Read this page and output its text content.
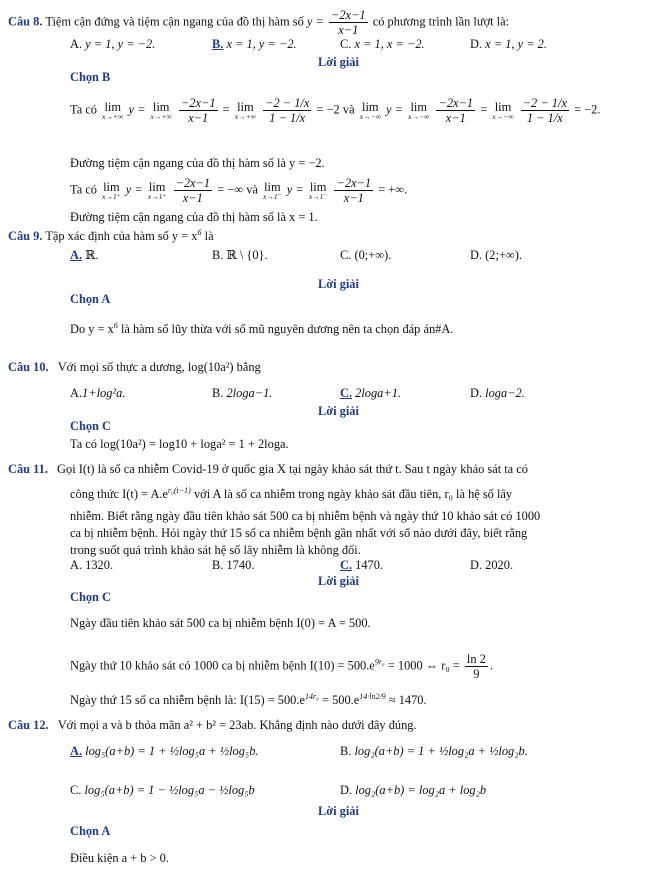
Câu 8. Tiệm cận đứng và tiệm cận ngang của đồ thị hàm số $y = \frac{-2x-1}{x-1}$ có phương trình lần lượt là:
A. y = 1, y = −2.	B. x = 1, y = −2.	C. x = 1, x = −2.	D. x = 1, y = 2.
Lời giải
Chọn B
Ta có lim
x→+∞
y = lim
x→+∞
$\frac{-2x-1}{x-1} = \lim$
x→+∞
$\frac{-2 - 1/x}{1 - 1/x} = -2$ và lim
x→−∞
y = lim
x→−∞
$\frac{-2x-1}{x-1} = \lim$
x→−∞
$\frac{-2 - 1/x}{1 - 1/x} = -2$.
Đường tiệm cận ngang của đồ thị hàm số là y = −2.
Ta có lim
x→1⁺
y = lim
x→1⁺
$\frac{-2x-1}{x-1}$ = −∞ và lim
x→1⁻
y = lim
x→1⁻
$\frac{-2x-1}{x-1}$ = +∞.
Đường tiệm cận ngang của đồ thị hàm số là x = 1.
Câu 9. Tập xác định của hàm số $y = x^6$ là
A. ℝ.	B. ℝ \ {0}.	C. (0;+∞).	D. (2;+∞).
Lời giải
Chọn A
Do $y = x^6$ là hàm số lũy thừa với số mũ nguyên dương nên ta chọn đáp án#A.
Câu 10. Với mọi số thực a dương, log(10a²) bằng
A.1+log²a.	B. 2loga−1.	C. 2loga+1.	D. loga−2.
Lời giải
Chọn C
Ta có log(10a²) = log10 + loga² = 1 + 2loga.
Câu 11. Gọi I(t) là số ca nhiễm Covid-19 ở quốc gia X tại ngày khảo sát thứ t. Sau t ngày khảo sát ta có
công thức $I(t) = A.e^{r_0(t-1)}$ với A là số ca nhiễm trong ngày khảo sát đầu tiên, r₀ là hệ số lây
nhiễm. Biết rằng ngày đầu tiên khảo sát 500 ca bị nhiễm bệnh và ngày thứ 10 khảo sát có 1000
ca bị nhiễm bệnh. Hỏi ngày thứ 15 số ca nhiễm bệnh gần nhất với số nào dưới đây, biết rằng
trong suốt quá trình khảo sát hệ số lây nhiễm là không đổi.
A. 1320.	B. 1740.	C. 1470.	D. 2020.
Lời giải
Chọn C
Ngày đầu tiên khảo sát 500 ca bị nhiễm bệnh I(0) = A = 500.
Ngày thứ 10 khảo sát có 1000 ca bị nhiễm bệnh $I(10) = 500.e^{9r_0} = 1000$ ⇔ $r_0 = \frac{\ln 2}{9}$ .
Ngày thứ 15 số ca nhiễm bệnh là: $I(15) = 500.e^{14r_0} = 500.e^{14\cdot ln2/9} \approx 1470$.
Câu 12. Với mọi a và b thỏa mãn a² + b² = 23ab. Khẳng định nào dưới đây đúng.
A. log₅(a+b) = 1 + ½log₅a + ½log₅b.	B. log₂(a+b) = 1 + ½log₂a + ½log₂b.
C. log₅(a+b) = 1 − ½log₅a − ½log₅b	D. log₂(a+b) = log₂a + log₂b
Lời giải
Chọn A
Điều kiện a + b > 0.
